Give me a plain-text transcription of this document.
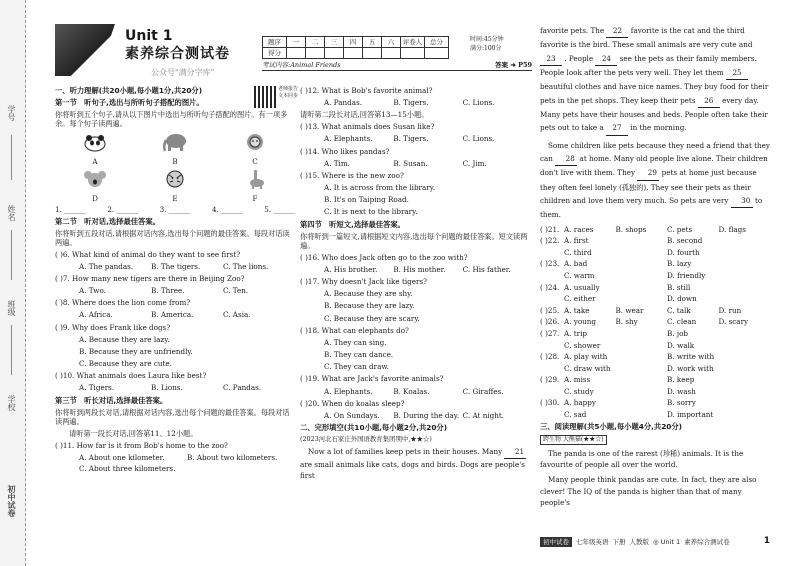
学号
姓名
班级
学校
初中试卷
Unit 1
素养综合测试卷
公众号"满分字库"
题序	一	二	三	四	五	六	评卷人	总分
得分								
时间:45分钟
满分:100分
考试内容:Animal Friends	答案 ➜ P59
老师报告 文本同步
一、听力理解(共20小题,每小题1分,共20分)
第一节　听句子,选出与所听句子搭配的图片。
你将听到五个句子,请从以下图片中选出与所听句子搭配的图片。有一项多余。每个句子读两遍。
A	B	C
D	E	F
1. ______	2. ______	3. ______	4. ______	5. ______
第二节　听对话,选择最佳答案。
你将听到五段对话,请根据对话内容,选出每个问题的最佳答案。每段对话读两遍。
( )6. What kind of animal do they want to see first?
A. The pandas.	B. The tigers.	C. The lions.
( )7. How many new tigers are there in Beijing Zoo?
A. Two.	B. Three.	C. Ten.
( )8. Where does the lion come from?
A. Africa.	B. America.	C. Asia.
( )9. Why does Frank like dogs?
A. Because they are lazy.
B. Because they are unfriendly.
C. Because they are cute.
( )10. What animals does Laura like best?
A. Tigers.	B. Lions.	C. Pandas.
第三节　听长对话,选择最佳答案。
你将听到两段长对话,请根据对话内容,选出每个问题的最佳答案。每段对话读两遍。
请听第一段长对话,回答第11、12小题。
( )11. How far is it from Bob's home to the zoo?
A. About one kilometer.	B. About two kilometers.
C. About three kilometers.
( )12. What is Bob's favorite animal?
A. Pandas.	B. Tigers.	C. Lions.
请听第二段长对话,回答第13—15小题。
( )13. What animals does Susan like?
A. Elephants.	B. Tigers.	C. Lions.
( )14. Who likes pandas?
A. Tim.	B. Susan.	C. Jim.
( )15. Where is the new zoo?
A. It is across from the library.
B. It's on Taiping Road.
C. It is next to the library.
第四节　听短文,选择最佳答案。
你将听到一篇短文,请根据短文内容,选出每个问题的最佳答案。短文读两遍。
( )16. Who does Jack often go to the zoo with?
A. His brother.	B. His mother.	C. His father.
( )17. Why doesn't Jack like tigers?
A. Because they are shy.
B. Because they are lazy.
C. Because they are scary.
( )18. What can elephants do?
A. They can sing.
B. They can dance.
C. They can draw.
( )19. What are Jack's favorite animals?
A. Elephants.	B. Koalas.	C. Giraffes.
( )20. When do koalas sleep?
A. On Sundays.	B. During the day. C. At night.
二、完形填空(共10小题,每小题2分,共20分)
(2023河北石家庄外国语教育集团期中,★★☆)
Now a lot of families keep pets in their houses. Many 21 are small animals like cats, dogs and birds. Dogs are people's first
favorite pets. The 22 favorite is the cat and the third favorite is the bird. These small animals are very cute and 23 . People 24 see the pets as their family members. People look after the pets very well. They let them 25 beautiful clothes and have nice names. They buy food for their pets in the pet shops. They keep their pets 26 every day. Many pets have their houses and beds. People often take their pets out to take a 27 in the morning.
Some children like pets because they need a friend that they can 28 at home. Many old people live alone. Their children don't live with them. They 29 pets at home just because they often feel lonely (孤独的). They see their pets as their children and love them very much. So pets are very 30 to them.
( )21. A. races	B. shops	C. pets	D. flags
( )22. A. first	B. second
C. third	D. fourth
( )23. A. bad	B. lazy
C. warm	D. friendly
( )24. A. usually	B. still
C. either	D. down
( )25. A. take	B. wear	C. talk	D. run
( )26. A. young	B. shy	C. clean	D. scary
( )27. A. trip	B. job
C. shower	D. walk
( )28. A. play with	B. write with
C. draw with	D. work with
( )29. A. miss	B. keep
C. study	D. wash
( )30. A. happy	B. sorry
C. sad	D. important
三、阅读理解(共5小题,每小题4分,共20分)
跨生物 大熊猫(★★☆)
The panda is one of the rarest (珍稀) animals. It is the favourite of people all over the world.
Many people think pandas are cute. In fact, they are also clever! The IQ of the panda is higher than that of many people's
初中试卷	七年级英语 下册 人教版 ◎ Unit 1 素养综合测试卷	1
